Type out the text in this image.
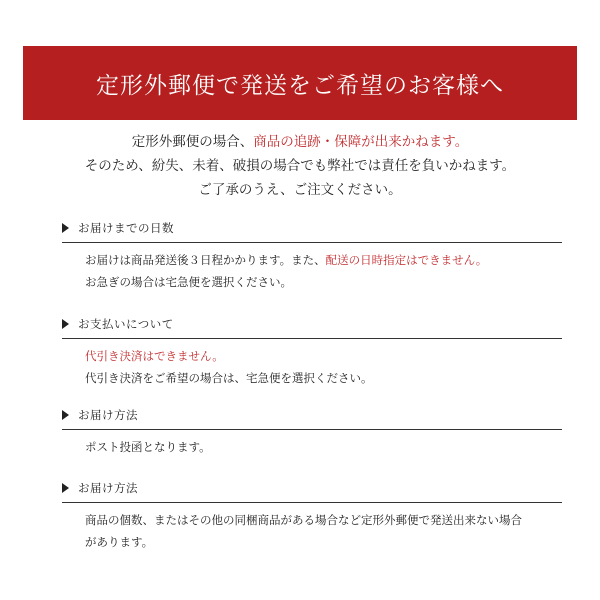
定形外郵便で発送をご希望のお客様へ
定形外郵便の場合、商品の追跡・保障が出来かねます。
そのため、紛失、未着、破損の場合でも弊社では責任を負いかねます。
ご了承のうえ、ご注文ください。
お届けまでの日数
お届けは商品発送後３日程かかります。また、配送の日時指定はできません。
お急ぎの場合は宅急便を選択ください。
お支払いについて
代引き決済はできません。
代引き決済をご希望の場合は、宅急便を選択ください。
お届け方法
ポスト投函となります。
お届け方法
商品の個数、またはその他の同梱商品がある場合など定形外郵便で発送出来ない場合
があります。
